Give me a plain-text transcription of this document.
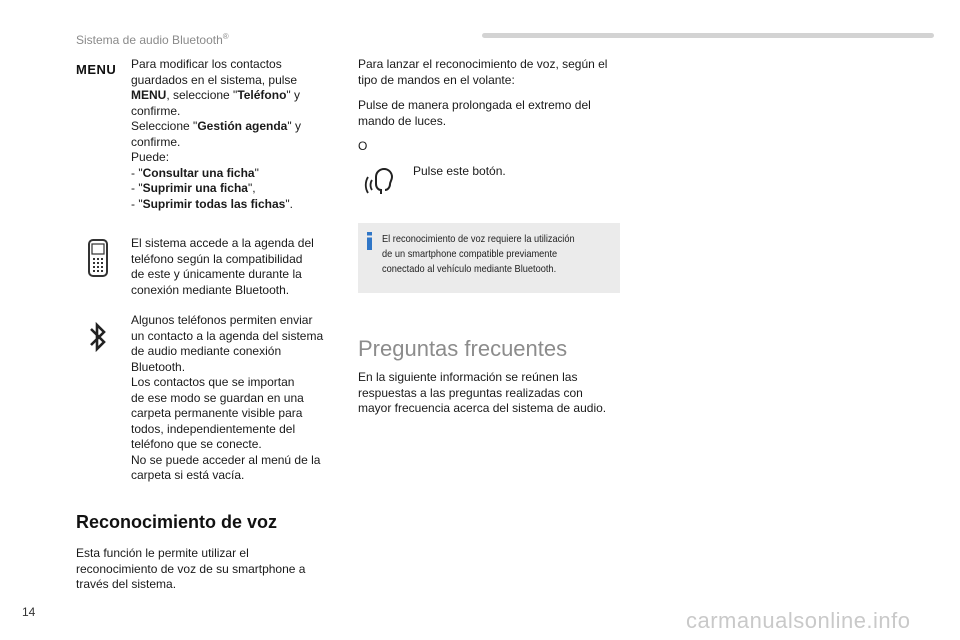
Sistema de audio Bluetooth®
MENU Para modificar los contactos
guardados en el sistema, pulse
MENU, seleccione "Teléfono" y
confirme.
Seleccione "Gestión agenda" y
confirme.
Puede:
- "Consultar una ficha"
- "Suprimir una ficha",
- "Suprimir todas las fichas".
El sistema accede a la agenda del
teléfono según la compatibilidad
de este y únicamente durante la
conexión mediante Bluetooth.
Algunos teléfonos permiten enviar
un contacto a la agenda del sistema
de audio mediante conexión
Bluetooth.
Los contactos que se importan
de ese modo se guardan en una
carpeta permanente visible para
todos, independientemente del
teléfono que se conecte.
No se puede acceder al menú de la
carpeta si está vacía.
Reconocimiento de voz
Esta función le permite utilizar el
reconocimiento de voz de su smartphone a
través del sistema.
Para lanzar el reconocimiento de voz, según el
tipo de mandos en el volante:
Pulse de manera prolongada el extremo del
mando de luces.
O
Pulse este botón.
El reconocimiento de voz requiere la utilización
de un smartphone compatible previamente
conectado al vehículo mediante Bluetooth.
Preguntas frecuentes
En la siguiente información se reúnen las
respuestas a las preguntas realizadas con
mayor frecuencia acerca del sistema de audio.
14	carmanualsonline.info
